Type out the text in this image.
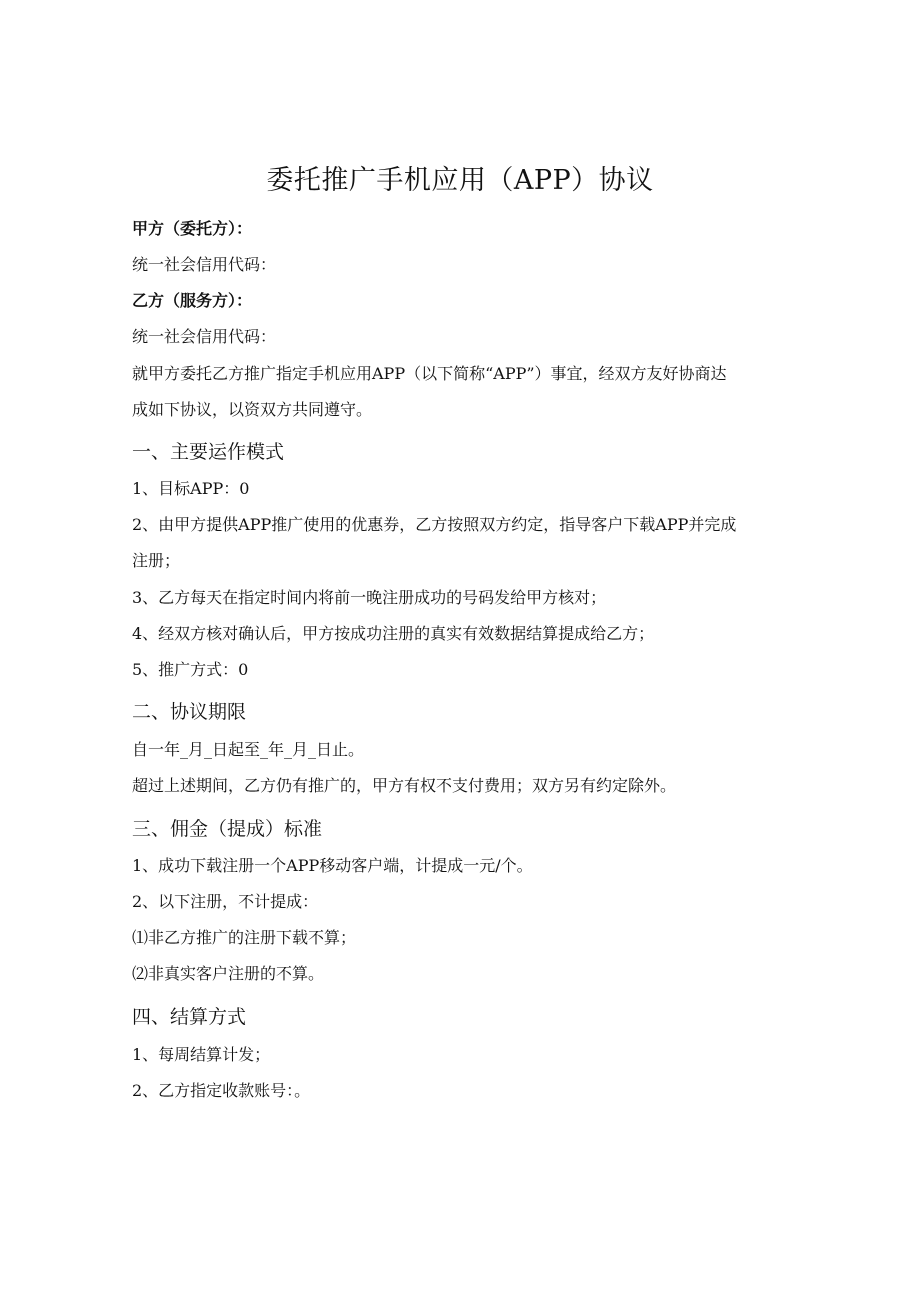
委托推广手机应用（APP）协议
甲方（委托方）：
统一社会信用代码：
乙方（服务方）：
统一社会信用代码：
就甲方委托乙方推广指定手机应用APP（以下简称“APP”）事宜，经双方友好协商达
成如下协议，以资双方共同遵守。
一、主要运作模式
1、目标APP：0
2、由甲方提供APP推广使用的优惠券，乙方按照双方约定，指导客户下载APP并完成
注册；
3、乙方每天在指定时间内将前一晚注册成功的号码发给甲方核对；
4、经双方核对确认后，甲方按成功注册的真实有效数据结算提成给乙方；
5、推广方式：0
二、协议期限
自一年_月_日起至_年_月_日止。
超过上述期间，乙方仍有推广的，甲方有权不支付费用；双方另有约定除外。
三、佣金（提成）标准
1、成功下载注册一个APP移动客户端，计提成一元/个。
2、以下注册，不计提成：
⑴非乙方推广的注册下载不算；
⑵非真实客户注册的不算。
四、结算方式
1、每周结算计发；
2、乙方指定收款账号：。
